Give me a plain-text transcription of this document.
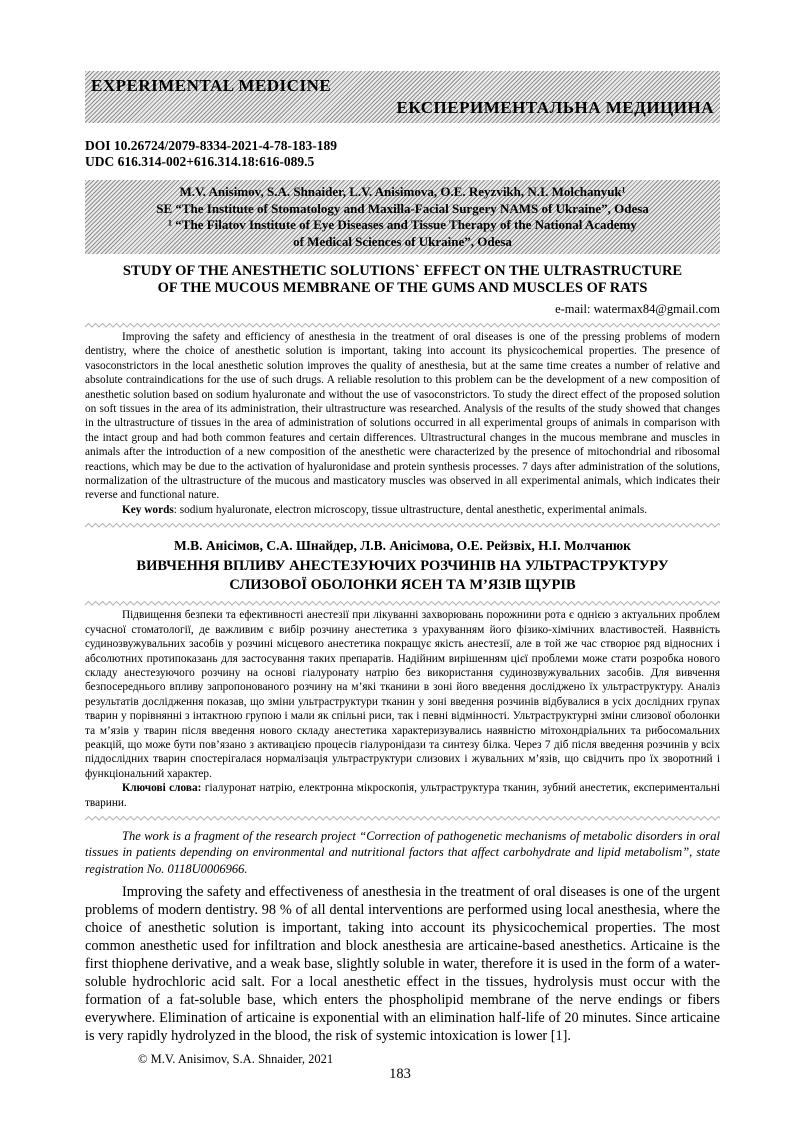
EXPERIMENTAL MEDICINE
ЕКСПЕРИМЕНТАЛЬНА МЕДИЦИНА
DOI 10.26724/2079-8334-2021-4-78-183-189
UDC 616.314-002+616.314.18:616-089.5
M.V. Anisimov, S.A. Shnaider, L.V. Anisimova, O.E. Reyzvikh, N.I. Molchanyuk¹
SE “The Institute of Stomatology and Maxilla-Facial Surgery NAMS of Ukraine”, Odesa
¹ “The Filatov Institute of Eye Diseases and Tissue Therapy of the National Academy
of Medical Sciences of Ukraine”, Odesa
STUDY OF THE ANESTHETIC SOLUTIONS` EFFECT ON THE ULTRASTRUCTURE
OF THE MUCOUS MEMBRANE OF THE GUMS AND MUSCLES OF RATS
e-mail: watermax84@gmail.com

Improving the safety and efficiency of anesthesia in the treatment of oral diseases is one of the pressing problems of modern dentistry, where the choice of anesthetic solution is important, taking into account its physicochemical properties. The presence of vasoconstrictors in the local anesthetic solution improves the quality of anesthesia, but at the same time creates a number of relative and absolute contraindications for the use of such drugs. A reliable resolution to this problem can be the development of a new composition of anesthetic solution based on sodium hyaluronate and without the use of vasoconstrictors. To study the direct effect of the proposed solution on soft tissues in the area of its administration, their ultrastructure was researched. Analysis of the results of the study showed that changes in the ultrastructure of tissues in the area of administration of solutions occurred in all experimental groups of animals in comparison with the intact group and had both common features and certain differences. Ultrastructural changes in the mucous membrane and muscles in animals after the introduction of a new composition of the anesthetic were characterized by the presence of mitochondrial and ribosomal reactions, which may be due to the activation of hyaluronidase and protein synthesis processes. 7 days after administration of the solutions, normalization of the ultrastructure of the mucous and masticatory muscles was observed in all experimental animals, which indicates their reverse and functional nature.

Key words: sodium hyaluronate, electron microscopy, tissue ultrastructure, dental anesthetic, experimental animals.

М.В. Анісімов, С.А. Шнайдер, Л.В. Анісімова, О.Е. Рейзвіх, Н.І. Молчанюк
ВИВЧЕННЯ ВПЛИВУ АНЕСТЕЗУЮЧИХ РОЗЧИНІВ НА УЛЬТРАСТРУКТУРУ
СЛИЗОВОЇ ОБОЛОНКИ ЯСЕН ТА М’ЯЗІВ ЩУРІВ

Підвищення безпеки та ефективності анестезії при лікуванні захворювань порожнини рота є однією з актуальних проблем сучасної стоматології, де важливим є вибір розчину анестетика з урахуванням його фізико-хімічних властивостей. Наявність судинозвужувальних засобів у розчині місцевого анестетика покращує якість анестезії, але в той же час створює ряд відносних і абсолютних протипоказань для застосування таких препаратів. Надійним вирішенням цієї проблеми може стати розробка нового складу анестезуючого розчину на основі гіалуронату натрію без використання судинозвужувальних засобів. Для вивчення безпосереднього впливу запропонованого розчину на м’які тканини в зоні його введення досліджено їх ультраструктуру. Аналіз результатів дослідження показав, що зміни ультраструктури тканин у зоні введення розчинів відбувалися в усіх дослідних групах тварин у порівнянні з інтактною групою і мали як спільні риси, так і певні відмінності. Ультраструктурні зміни слизової оболонки та м’язів у тварин після введення нового складу анестетика характеризувались наявністю мітохондріальних та рибосомальних реакцій, що може бути пов’язано з активацією процесів гіалуронідази та синтезу білка. Через 7 діб після введення розчинів у всіх піддослідних тварин спостерігалася нормалізація ультраструктури слизових і жувальних м’язів, що свідчить про їх зворотний і функціональний характер.

Ключові слова: гіалуронат натрію, електронна мікроскопія, ультраструктура тканин, зубний анестетик, експериментальні тварини.

The work is a fragment of the research project “Correction of pathogenetic mechanisms of metabolic disorders in oral tissues in patients depending on environmental and nutritional factors that affect carbohydrate and lipid metabolism”, state registration No. 0118U0006966.

Improving the safety and effectiveness of anesthesia in the treatment of oral diseases is one of the urgent problems of modern dentistry. 98 % of all dental interventions are performed using local anesthesia, where the choice of anesthetic solution is important, taking into account its physicochemical properties. The most common anesthetic used for infiltration and block anesthesia are articaine-based anesthetics. Articaine is the first thiophene derivative, and a weak base, slightly soluble in water, therefore it is used in the form of a water-soluble hydrochloric acid salt. For a local anesthetic effect in the tissues, hydrolysis must occur with the formation of a fat-soluble base, which enters the phospholipid membrane of the nerve endings or fibers everywhere. Elimination of articaine is exponential with an elimination half-life of 20 minutes. Since articaine is very rapidly hydrolyzed in the blood, the risk of systemic intoxication is lower [1].

© M.V. Anisimov, S.A. Shnaider, 2021
183
